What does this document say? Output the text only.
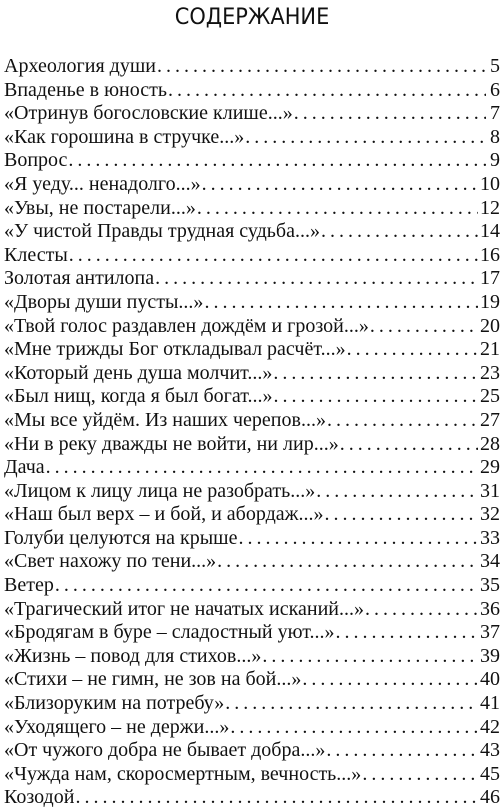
СОДЕРЖАНИЕ
Археология души . . .	5
Впаденье в юность . . .	6
«Отринув богословские клише...» . . .	7
«Как горошина в стручке...» . . .	8
Вопрос . . .	9
«Я уеду... ненадолго...» . . .	10
«Увы, не постарели...» . . .	12
«У чистой Правды трудная судьба...» . . .	14
Клесты . . .	16
Золотая антилопа . . .	17
«Дворы души пусты...» . . .	19
«Твой голос раздавлен дождём и грозой...» . . .	20
«Мне трижды Бог откладывал расчёт...» . . .	21
«Который день душа молчит...» . . .	23
«Был нищ, когда я был богат...» . . .	25
«Мы все уйдём. Из наших черепов...» . . .	27
«Ни в реку дважды не войти, ни лир...» . . .	28
Дача . . .	29
«Лицом к лицу лица не разобрать...» . . .	31
«Наш был верх – и бой, и абордаж...» . . .	32
Голуби целуются на крыше . . .	33
«Свет нахожу по тени...» . . .	34
Ветер . . .	35
«Трагический итог не начатых исканий...» . . .	36
«Бродягам в буре – сладостный уют...» . . .	37
«Жизнь – повод для стихов...» . . .	39
«Стихи – не гимн, не зов на бой...» . . .	40
«Близоруким на потребу» . . .	41
«Уходящего – не держи...» . . .	42
«От чужого добра не бывает добра...» . . .	43
«Чужда нам, скоросмертным, вечность...» . . .	45
Козодой . . .	46
